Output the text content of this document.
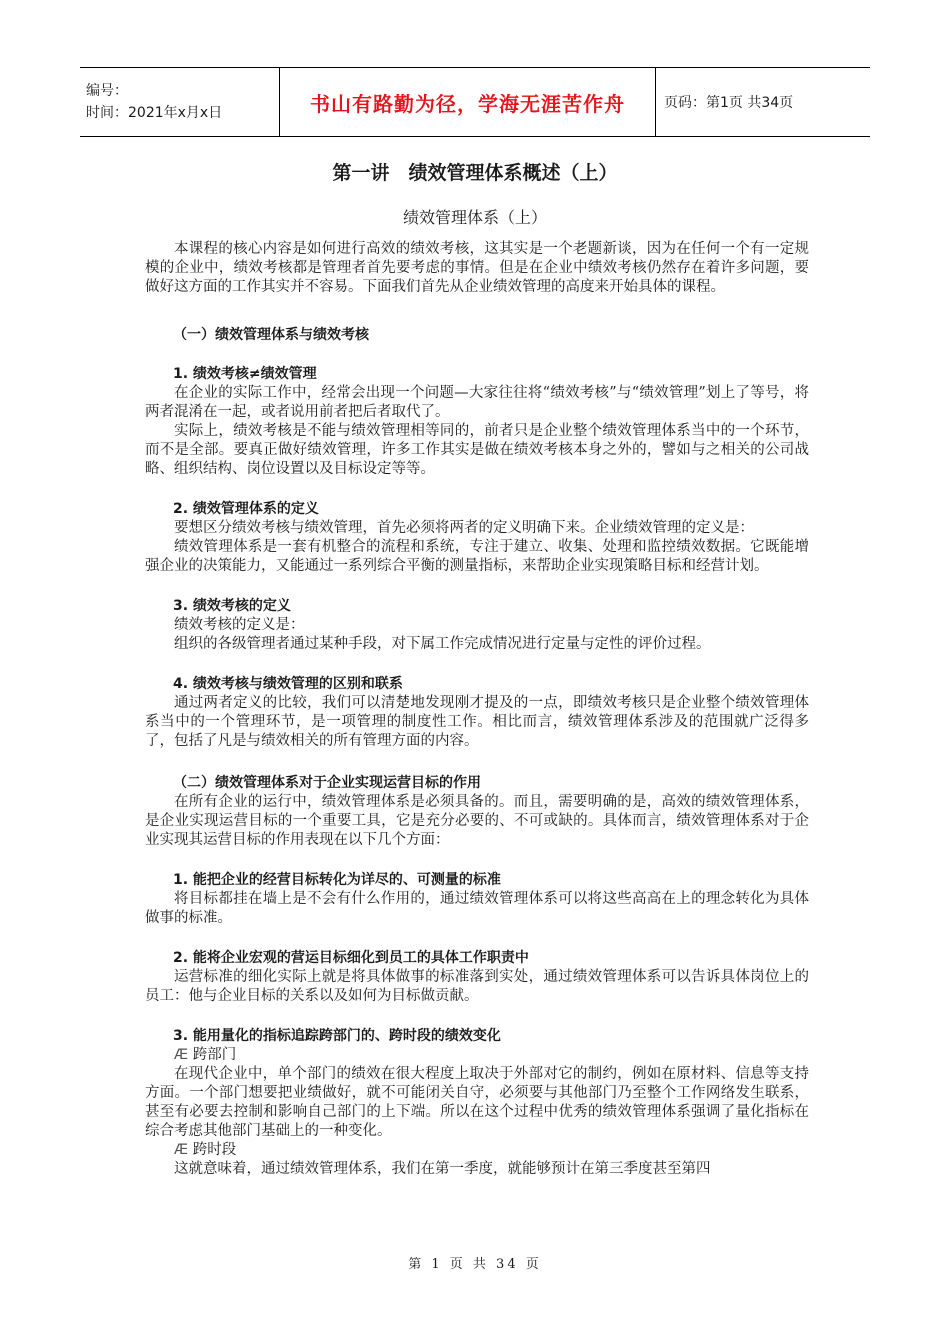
编号：
时间：2021年x月x日	书山有路勤为径，学海无涯苦作舟	页码：第1页 共34页
第一讲　绩效管理体系概述（上）
绩效管理体系（上）

本课程的核心内容是如何进行高效的绩效考核，这其实是一个老题新谈，因为在任何一个有一定规模的企业中，绩效考核都是管理者首先要考虑的事情。但是在企业中绩效考核仍然存在着许多问题，要做好这方面的工作其实并不容易。下面我们首先从企业绩效管理的高度来开始具体的课程。

（一）绩效管理体系与绩效考核
1. 绩效考核≠绩效管理

在企业的实际工作中，经常会出现一个问题—大家往往将“绩效考核”与“绩效管理”划上了等号，将两者混淆在一起，或者说用前者把后者取代了。

实际上，绩效考核是不能与绩效管理相等同的，前者只是企业整个绩效管理体系当中的一个环节，而不是全部。要真正做好绩效管理，许多工作其实是做在绩效考核本身之外的，譬如与之相关的公司战略、组织结构、岗位设置以及目标设定等等。

2. 绩效管理体系的定义

要想区分绩效考核与绩效管理，首先必须将两者的定义明确下来。企业绩效管理的定义是：

绩效管理体系是一套有机整合的流程和系统，专注于建立、收集、处理和监控绩效数据。它既能增强企业的决策能力，又能通过一系列综合平衡的测量指标，来帮助企业实现策略目标和经营计划。

3. 绩效考核的定义

绩效考核的定义是：

组织的各级管理者通过某种手段，对下属工作完成情况进行定量与定性的评价过程。

4. 绩效考核与绩效管理的区别和联系

通过两者定义的比较，我们可以清楚地发现刚才提及的一点，即绩效考核只是企业整个绩效管理体系当中的一个管理环节，是一项管理的制度性工作。相比而言，绩效管理体系涉及的范围就广泛得多了，包括了凡是与绩效相关的所有管理方面的内容。

（二）绩效管理体系对于企业实现运营目标的作用

在所有企业的运行中，绩效管理体系是必须具备的。而且，需要明确的是，高效的绩效管理体系，是企业实现运营目标的一个重要工具，它是充分必要的、不可或缺的。具体而言，绩效管理体系对于企业实现其运营目标的作用表现在以下几个方面：

1. 能把企业的经营目标转化为详尽的、可测量的标准

将目标都挂在墙上是不会有什么作用的，通过绩效管理体系可以将这些高高在上的理念转化为具体做事的标准。

2. 能将企业宏观的营运目标细化到员工的具体工作职责中

运营标准的细化实际上就是将具体做事的标准落到实处，通过绩效管理体系可以告诉具体岗位上的员工：他与企业目标的关系以及如何为目标做贡献。

3. 能用量化的指标追踪跨部门的、跨时段的绩效变化

Æ 跨部门

在现代企业中，单个部门的绩效在很大程度上取决于外部对它的制约，例如在原材料、信息等支持方面。一个部门想要把业绩做好，就不可能闭关自守，必须要与其他部门乃至整个工作网络发生联系，甚至有必要去控制和影响自己部门的上下端。所以在这个过程中优秀的绩效管理体系强调了量化指标在综合考虑其他部门基础上的一种变化。

Æ 跨时段

这就意味着，通过绩效管理体系，我们在第一季度，就能够预计在第三季度甚至第四

第 1 页 共 34 页
